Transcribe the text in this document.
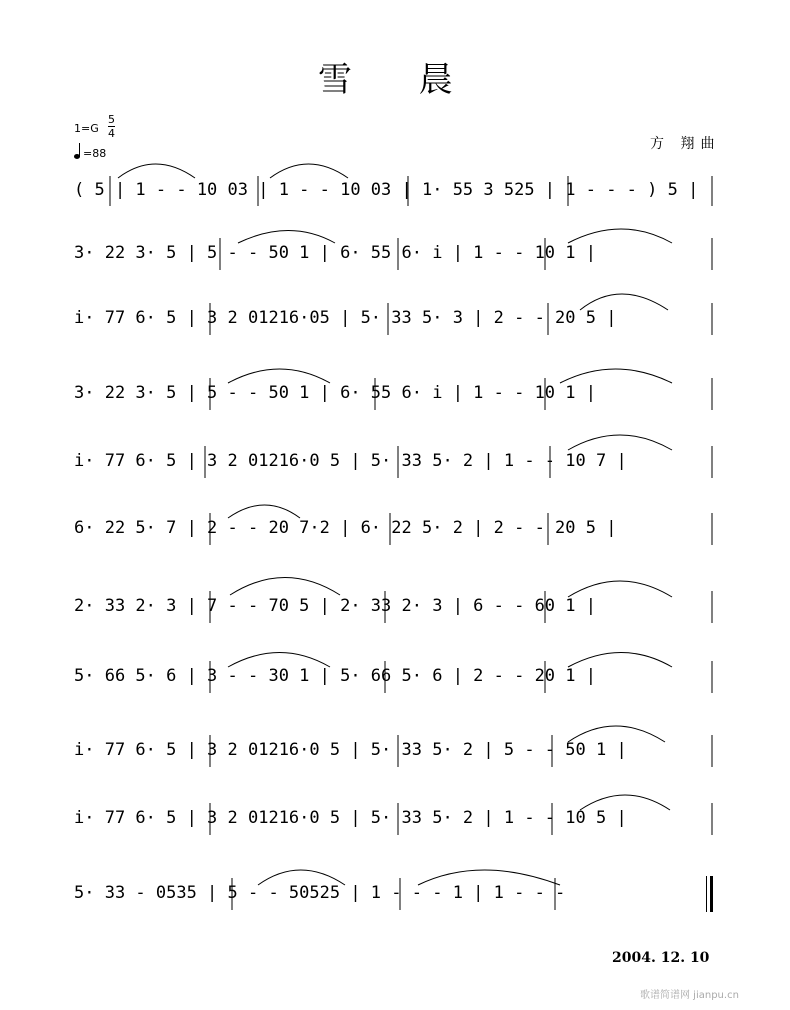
雪 晨
1=G
5
4
=88
方 翔曲
( 5 | 1 - - 10 03 | 1 - - 10 03 | 1· 55 3 525 | 1 - - - ) 5 |
3· 22 3· 5 | 5 - - 50 1 | 6· 55 6· i | 1 - - 10 1 |
i· 77 6· 5 | 3 2 01216·05 | 5· 33 5· 3 | 2 - - 20 5 |
3· 22 3· 5 | 5 - - 50 1 | 6· 55 6· i | 1 - - 10 1 |
i· 77 6· 5 | 3 2 01216·0 5 | 5· 33 5· 2 | 1 - - 10 7 |
6· 22 5· 7 | 2 - - 20 7·2 | 6· 22 5· 2 | 2 - - 20 5 |
2· 33 2· 3 | 7 - - 70 5 | 2· 33 2· 3 | 6 - - 60 1 |
5· 66 5· 6 | 3 - - 30 1 | 5· 66 5· 6 | 2 - - 20 1 |
i· 77 6· 5 | 3 2 01216·0 5 | 5· 33 5· 2 | 5 - - 50 1 |
i· 77 6· 5 | 3 2 01216·0 5 | 5· 33 5· 2 | 1 - - 10 5 |
5· 33 - 0535 | 5 - - 50525 | 1 - - - 1 | 1 - - -
2004. 12. 10
歌谱简谱网 jianpu.cn
